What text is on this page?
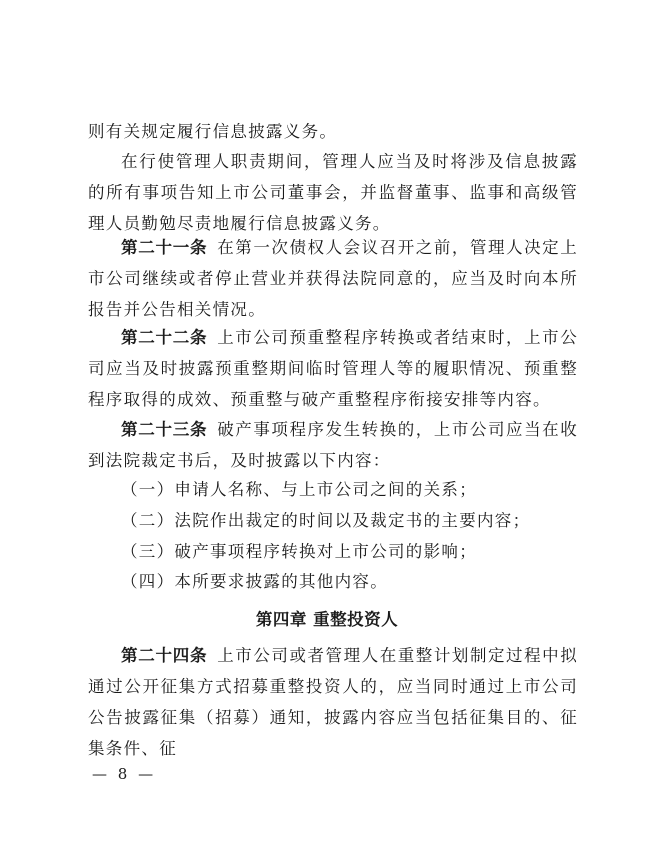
则有关规定履行信息披露义务。
在行使管理人职责期间，管理人应当及时将涉及信息披露的所有事项告知上市公司董事会，并监督董事、监事和高级管理人员勤勉尽责地履行信息披露义务。
第二十一条 在第一次债权人会议召开之前，管理人决定上市公司继续或者停止营业并获得法院同意的，应当及时向本所报告并公告相关情况。
第二十二条 上市公司预重整程序转换或者结束时，上市公司应当及时披露预重整期间临时管理人等的履职情况、预重整程序取得的成效、预重整与破产重整程序衔接安排等内容。
第二十三条 破产事项程序发生转换的，上市公司应当在收到法院裁定书后，及时披露以下内容：
（一）申请人名称、与上市公司之间的关系；
（二）法院作出裁定的时间以及裁定书的主要内容；
（三）破产事项程序转换对上市公司的影响；
（四）本所要求披露的其他内容。
第四章 重整投资人
第二十四条 上市公司或者管理人在重整计划制定过程中拟通过公开征集方式招募重整投资人的，应当同时通过上市公司公告披露征集（招募）通知，披露内容应当包括征集目的、征集条件、征
— 8 —
